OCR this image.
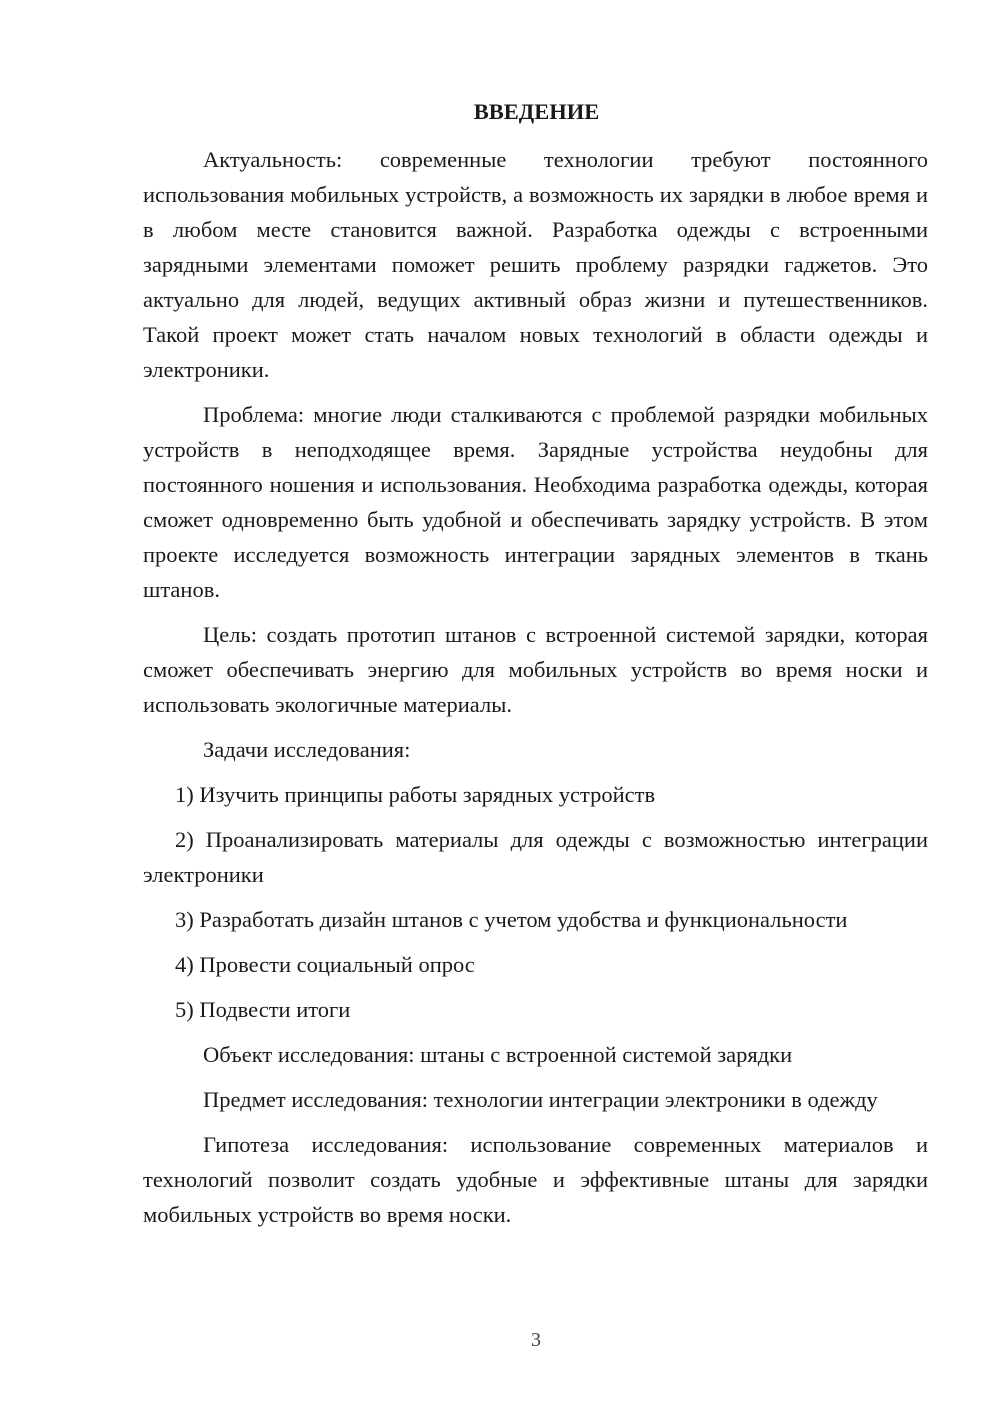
ВВЕДЕНИЕ

Актуальность: современные технологии требуют постоянного использования мобильных устройств, а возможность их зарядки в любое время и в любом месте становится важной. Разработка одежды с встроенными зарядными элементами поможет решить проблему разрядки гаджетов. Это актуально для людей, ведущих активный образ жизни и путешественников. Такой проект может стать началом новых технологий в области одежды и электроники.

Проблема: многие люди сталкиваются с проблемой разрядки мобильных устройств в неподходящее время. Зарядные устройства неудобны для постоянного ношения и использования. Необходима разработка одежды, которая сможет одновременно быть удобной и обеспечивать зарядку устройств. В этом проекте исследуется возможность интеграции зарядных элементов в ткань штанов.

Цель: создать прототип штанов с встроенной системой зарядки, которая сможет обеспечивать энергию для мобильных устройств во время носки и использовать экологичные материалы.

Задачи исследования:

1) Изучить принципы работы зарядных устройств

2) Проанализировать материалы для одежды с возможностью интеграции электроники

3) Разработать дизайн штанов с учетом удобства и функциональности

4) Провести социальный опрос

5) Подвести итоги

Объект исследования: штаны с встроенной системой зарядки

Предмет исследования: технологии интеграции электроники в одежду

Гипотеза исследования: использование современных материалов и технологий позволит создать удобные и эффективные штаны для зарядки мобильных устройств во время носки.

3
